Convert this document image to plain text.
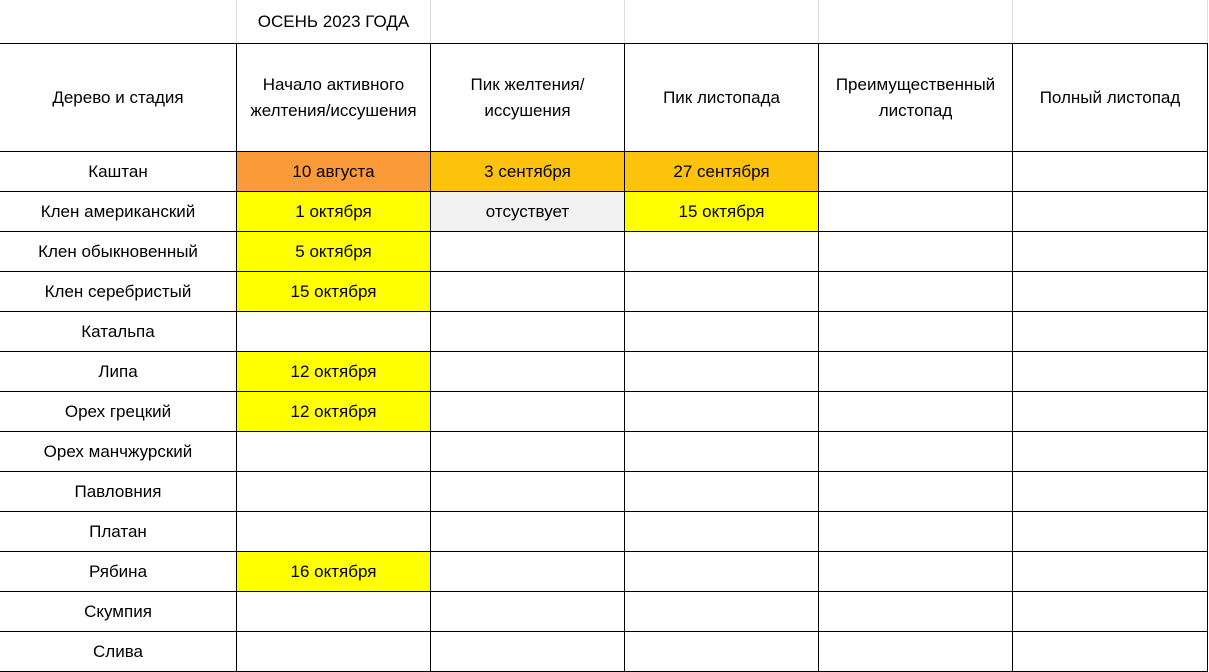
	ОСЕНЬ 2023 ГОДА				
Дерево и стадия	Начало активного желтения/иссушения	Пик желтения/иссушения	Пик листопада	Преимущественный листопад	Полный листопад
Каштан	10 августа	3 сентября	27 сентября		
Клен американский	1 октября	отсуствует	15 октября		
Клен обыкновенный	5 октября				
Клен серебристый	15 октября				
Катальпа					
Липа	12 октября				
Орех грецкий	12 октября				
Орех манчжурский					
Павловния					
Платан					
Рябина	16 октября				
Скумпия					
Слива					
